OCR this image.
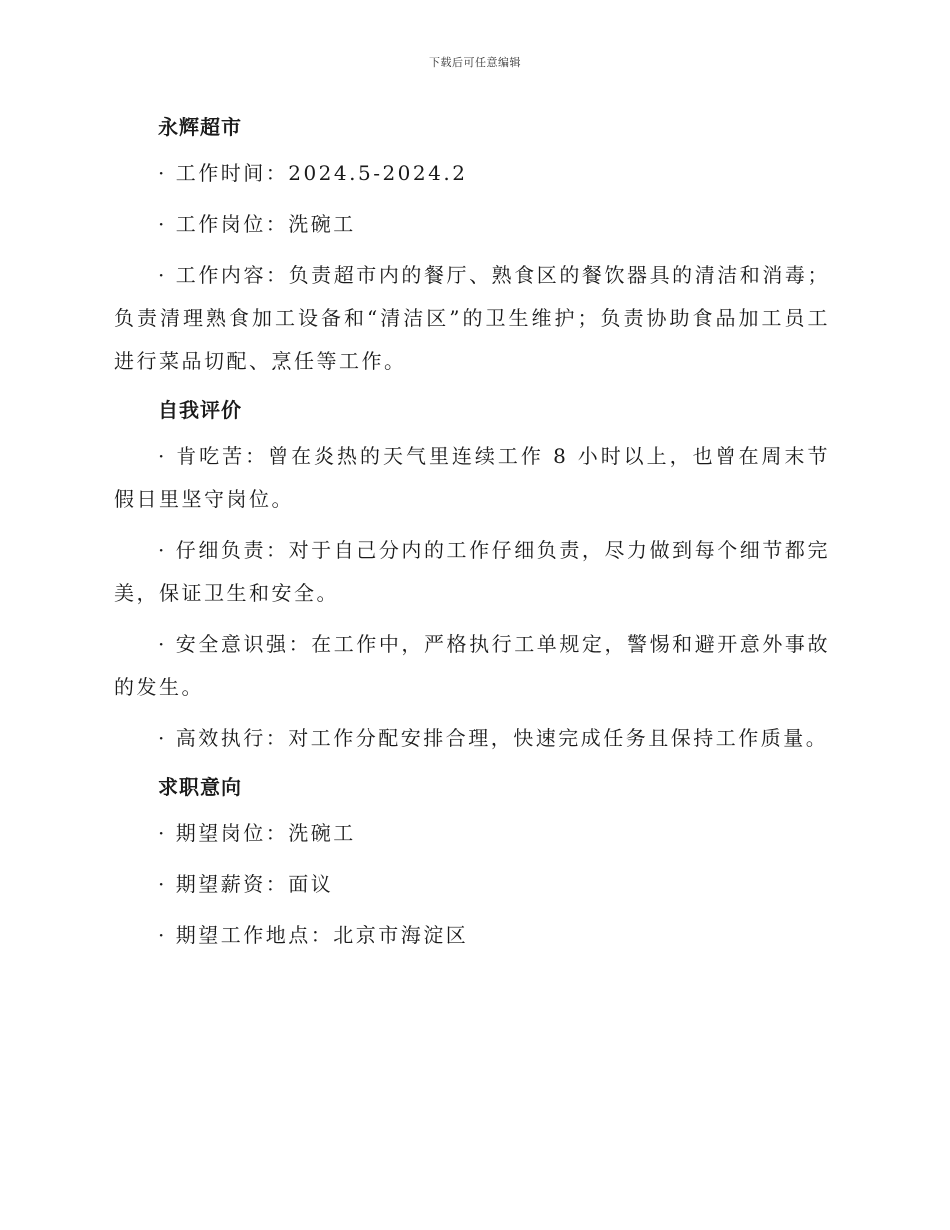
下载后可任意编辑
永辉超市
· 工作时间：2024.5-2024.2
· 工作岗位：洗碗工
· 工作内容：负责超市内的餐厅、熟食区的餐饮器具的清洁和消毒；负责清理熟食加工设备和“清洁区”的卫生维护；负责协助食品加工员工进行菜品切配、烹任等工作。
自我评价
· 肯吃苦：曾在炎热的天气里连续工作 8 小时以上，也曾在周末节假日里坚守岗位。
· 仔细负责：对于自己分内的工作仔细负责，尽力做到每个细节都完美，保证卫生和安全。
· 安全意识强：在工作中，严格执行工单规定，警惕和避开意外事故的发生。
· 高效执行：对工作分配安排合理，快速完成任务且保持工作质量。
求职意向
· 期望岗位：洗碗工
· 期望薪资：面议
· 期望工作地点：北京市海淀区
